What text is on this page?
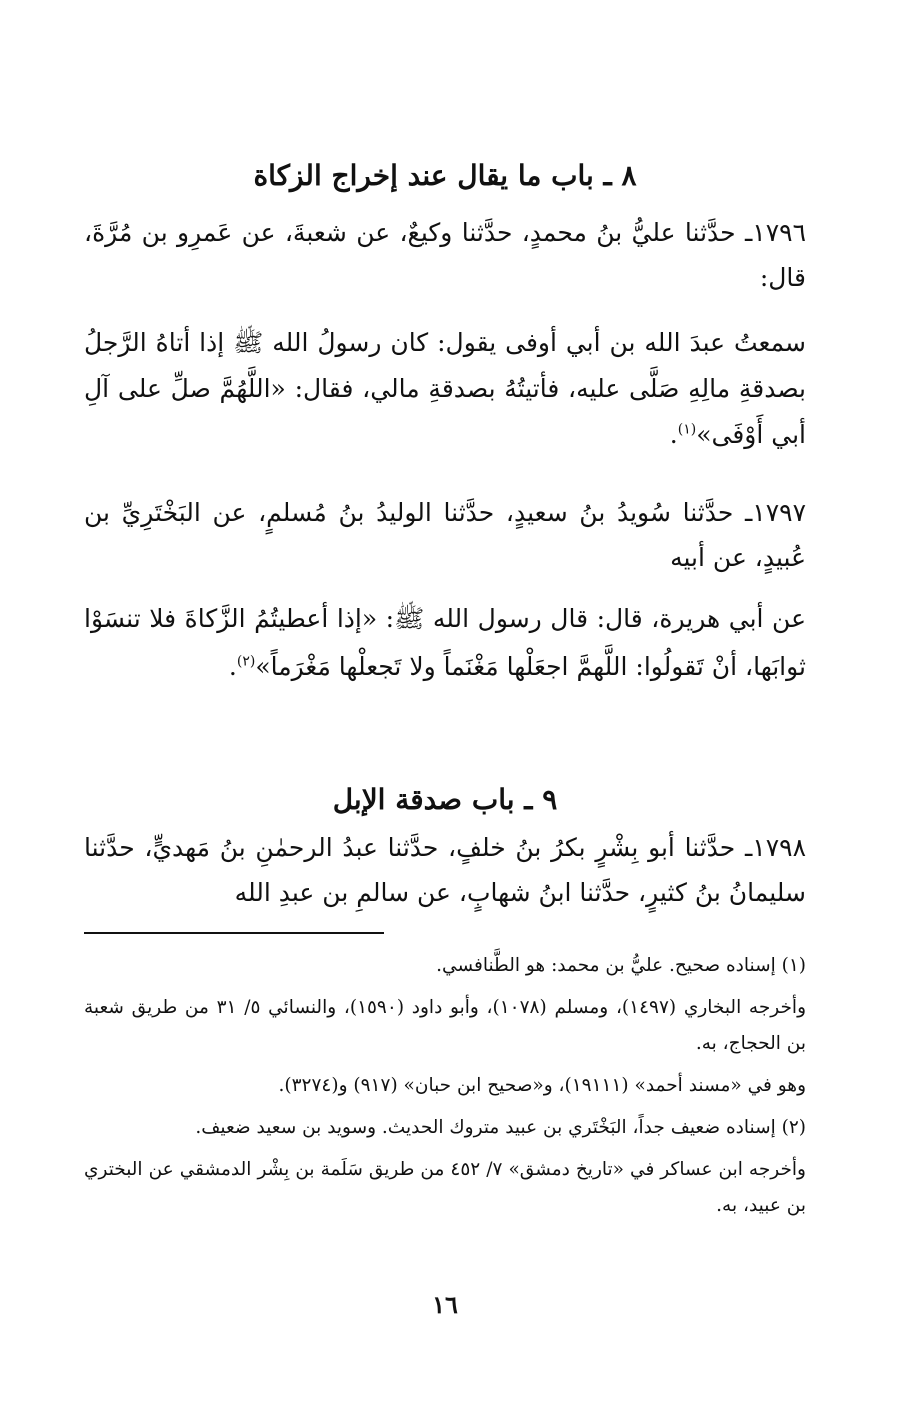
٨ ـ باب ما يقال عند إخراج الزكاة

١٧٩٦ـ حدَّثنا عليُّ بنُ محمدٍ، حدَّثنا وكيعٌ، عن شعبةَ، عن عَمرِو بن مُرَّةَ، قال:

سمعتُ عبدَ الله بن أبي أوفى يقول: كان رسولُ الله ﷺ إذا أتاهُ الرَّجلُ بصدقةِ مالِهِ صَلَّى عليه، فأتيتُهُ بصدقةِ مالي، فقال: «اللَّهُمَّ صلِّ على آلِ أبي أَوْفَى»$^{(١)}$.

١٧٩٧ـ حدَّثنا سُويدُ بنُ سعيدٍ، حدَّثنا الوليدُ بنُ مُسلمٍ، عن البَخْتَرِيِّ بن عُبيدٍ، عن أبيه

عن أبي هريرة، قال: قال رسول الله ﷺ: «إذا أعطيتُمُ الزَّكاةَ فلا تنسَوْا ثوابَها، أنْ تَقولُوا: اللَّهمَّ اجعَلْها مَغْنَماً ولا تَجعلْها مَغْرَماً»$^{(٢)}$.

٩ ـ باب صدقة الإبل

١٧٩٨ـ حدَّثنا أبو بِشْرٍ بكرُ بنُ خلفٍ، حدَّثنا عبدُ الرحمٰنِ بنُ مَهديٍّ، حدَّثنا سليمانُ بنُ كثيرٍ، حدَّثنا ابنُ شهابٍ، عن سالمِ بن عبدِ الله

(١) إسناده صحيح. عليُّ بن محمد: هو الطَّنافسي.

وأخرجه البخاري (١٤٩٧)، ومسلم (١٠٧٨)، وأبو داود (١٥٩٠)، والنسائي ٥/ ٣١ من طريق شعبة بن الحجاج، به.

وهو في «مسند أحمد» (١٩١١١)، و«صحيح ابن حبان» (٩١٧) و(٣٢٧٤).

(٢) إسناده ضعيف جداً، البَخْتَري بن عبيد متروك الحديث. وسويد بن سعيد ضعيف.

وأخرجه ابن عساكر في «تاريخ دمشق» ٧/ ٤٥٢ من طريق سَلَمة بن بِشْر الدمشقي عن البختري بن عبيد، به.

١٦
